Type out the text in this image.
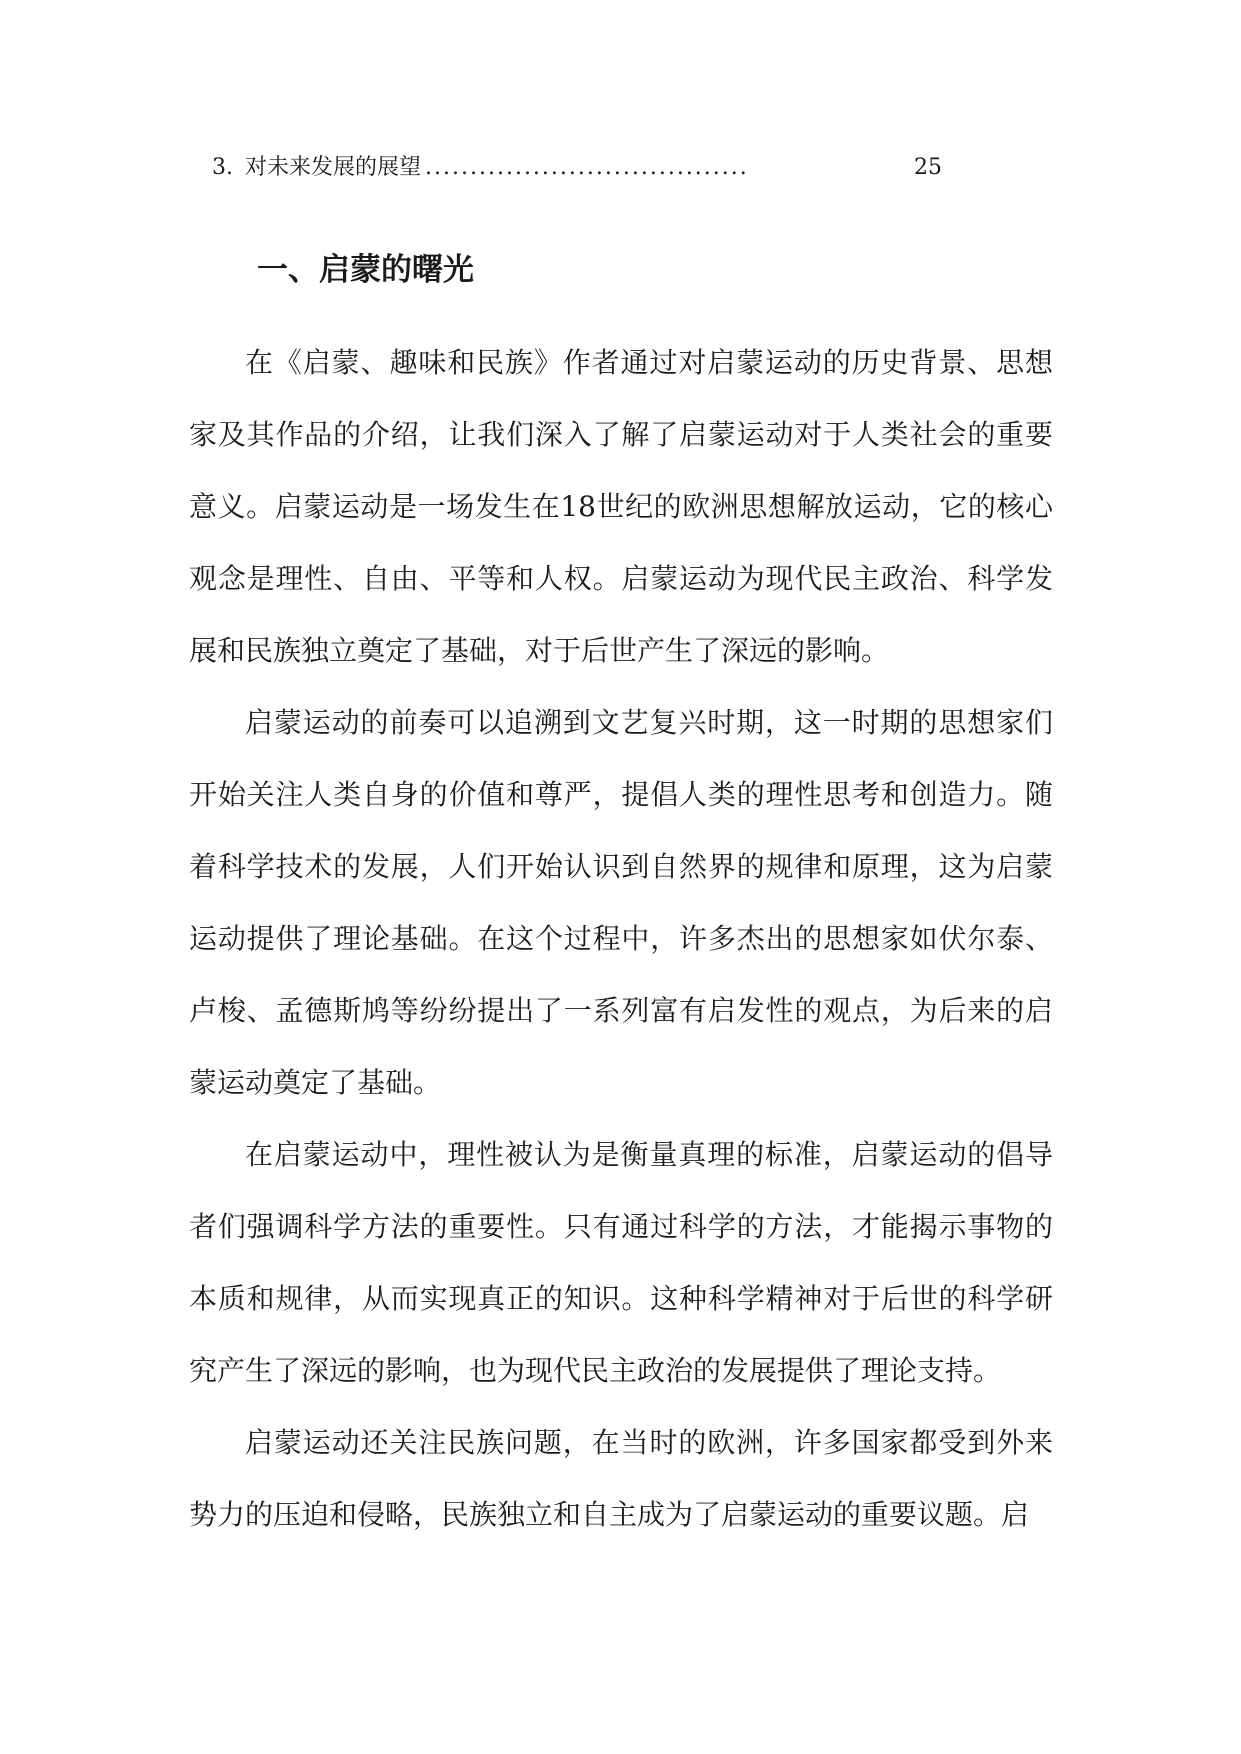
3. 对未来发展的展望 ....................................	25
一、启蒙的曙光

在《启蒙、趣味和民族》作者通过对启蒙运动的历史背景、思想家及其作品的介绍，让我们深入了解了启蒙运动对于人类社会的重要意义。启蒙运动是一场发生在18世纪的欧洲思想解放运动，它的核心观念是理性、自由、平等和人权。启蒙运动为现代民主政治、科学发展和民族独立奠定了基础，对于后世产生了深远的影响。

启蒙运动的前奏可以追溯到文艺复兴时期，这一时期的思想家们开始关注人类自身的价值和尊严，提倡人类的理性思考和创造力。随着科学技术的发展，人们开始认识到自然界的规律和原理，这为启蒙运动提供了理论基础。在这个过程中，许多杰出的思想家如伏尔泰、卢梭、孟德斯鸠等纷纷提出了一系列富有启发性的观点，为后来的启蒙运动奠定了基础。

在启蒙运动中，理性被认为是衡量真理的标准，启蒙运动的倡导者们强调科学方法的重要性。只有通过科学的方法，才能揭示事物的本质和规律，从而实现真正的知识。这种科学精神对于后世的科学研究产生了深远的影响，也为现代民主政治的发展提供了理论支持。

启蒙运动还关注民族问题，在当时的欧洲，许多国家都受到外来势力的压迫和侵略，民族独立和自主成为了启蒙运动的重要议题。启
